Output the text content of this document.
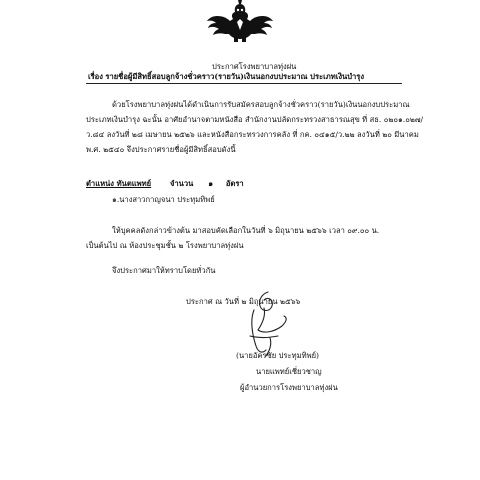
ประกาศโรงพยาบาลทุ่งฝน
เรื่อง รายชื่อผู้มีสิทธิ์สอบลูกจ้างชั่วคราว(รายวัน)เงินนอกงบประมาณ ประเภทเงินบำรุง
ด้วยโรงพยาบาลทุ่งฝนได้ดำเนินการรับสมัครสอบลูกจ้างชั่วคราว(รายวัน)เงินนอกงบประมาณ
ประเภทเงินบำรุง ฉะนั้น อาศัยอำนาจตามหนังสือ สำนักงานปลัดกระทรวงสาธารณสุข ที่ สธ. ๐๒๐๑.๐๒๗/
ว.๘๔ ลงวันที่ ๒๘ เมษายน ๒๕๒๖ และหนังสือกระทรวงการคลัง ที่ กค. ๐๔๑๕/ว.๒๒ ลงวันที่ ๒๐ มีนาคม
พ.ศ. ๒๕๔๐ จึงประกาศรายชื่อผู้มีสิทธิ์สอบดังนี้
ตำแหน่ง ทันตแพทย์ จำนวน ๑ อัตรา
๑.นางสาวกาญจนา ประทุมทิพย์
ให้บุคคลดังกล่าวข้างต้น มาสอบคัดเลือกในวันที่ ๖ มิถุนายน ๒๕๖๖ เวลา ๐๙.๐๐ น.
เป็นต้นไป ณ ห้องประชุมชั้น ๒ โรงพยาบาลทุ่งฝน
จึงประกาศมาให้ทราบโดยทั่วกัน
ประกาศ ณ วันที่ ๒ มิถุนายน ๒๕๖๖
(นายอัครชัย ประทุมทิพย์)
นายแพทย์เชี่ยวชาญ
ผู้อำนวยการโรงพยาบาลทุ่งฝน
